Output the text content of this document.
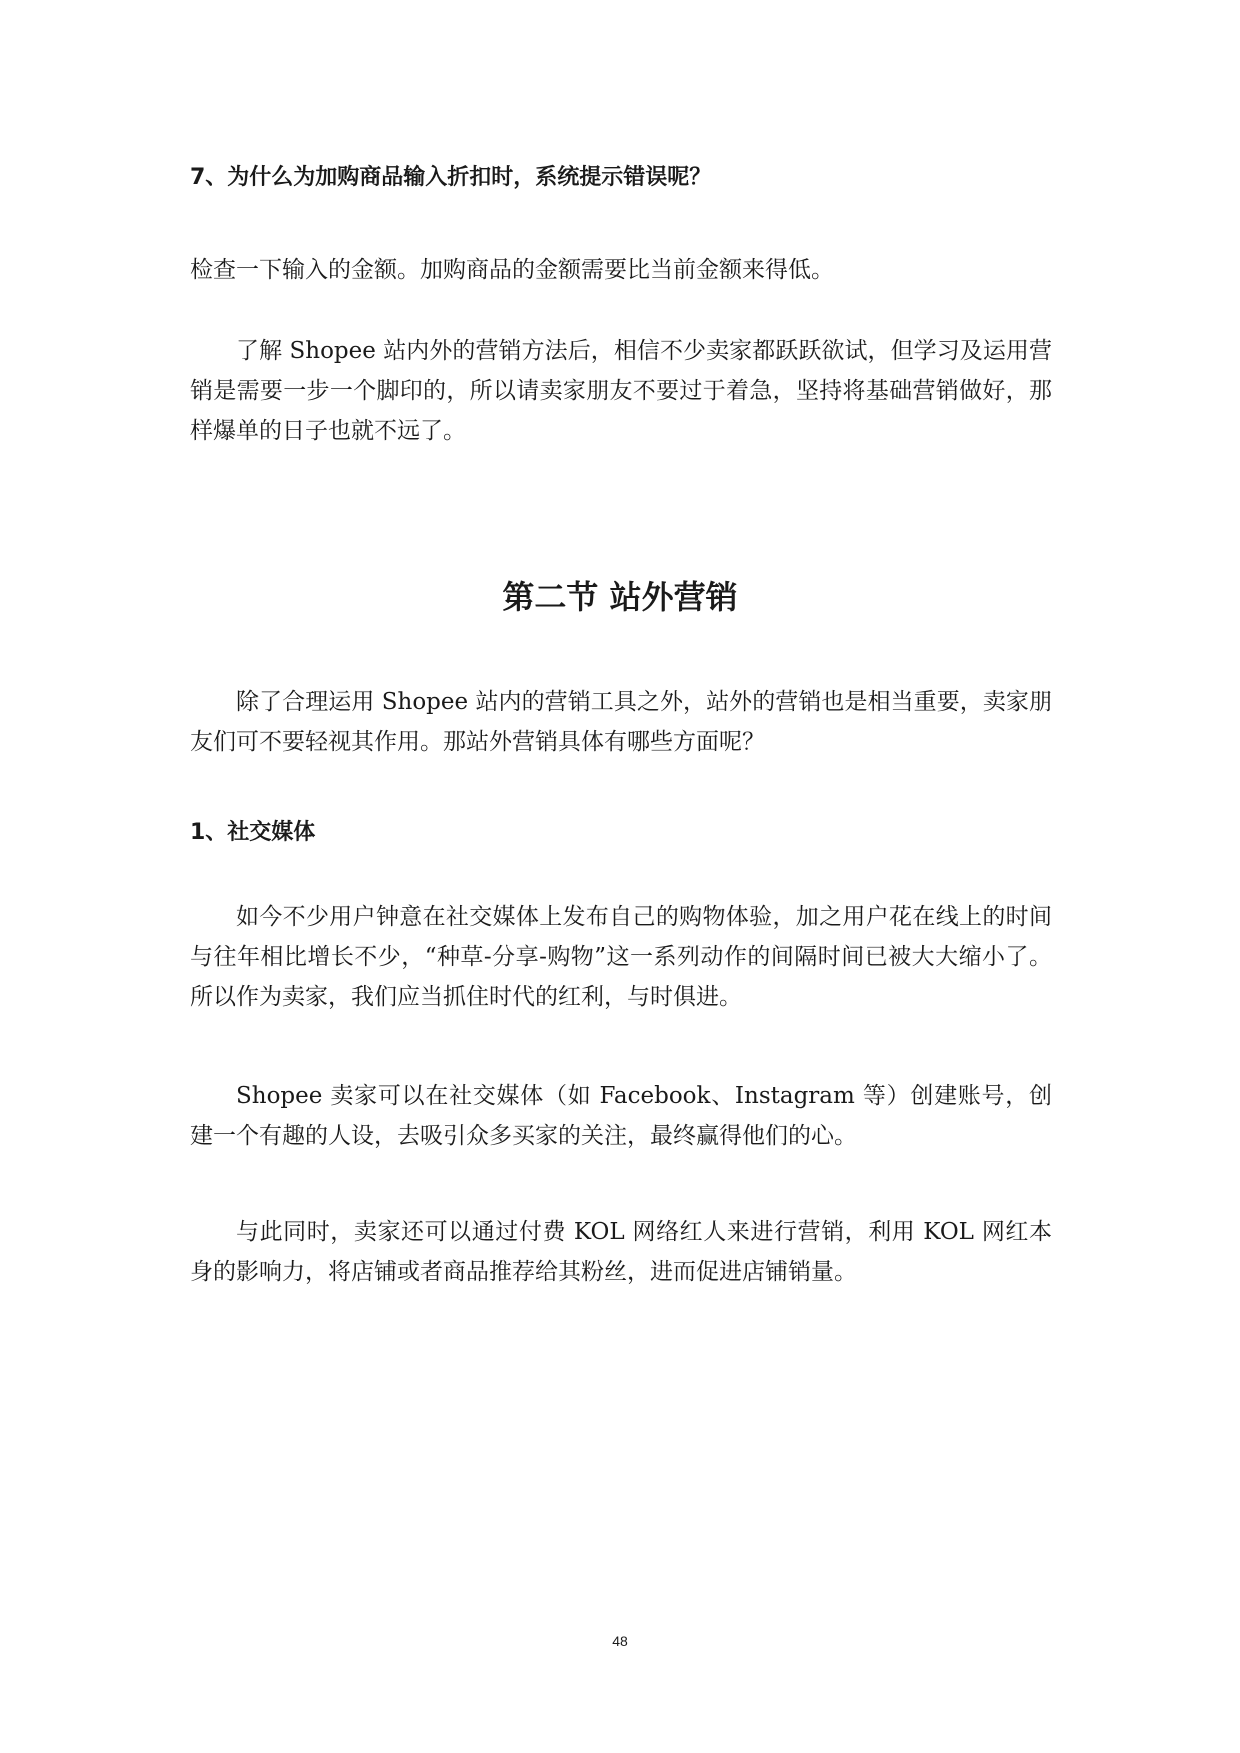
7、为什么为加购商品输入折扣时，系统提示错误呢？

检查一下输入的金额。加购商品的金额需要比当前金额来得低。

了解 Shopee 站内外的营销方法后，相信不少卖家都跃跃欲试，但学习及运用营销是需要一步一个脚印的，所以请卖家朋友不要过于着急，坚持将基础营销做好，那样爆单的日子也就不远了。

第二节 站外营销

除了合理运用 Shopee 站内的营销工具之外，站外的营销也是相当重要，卖家朋友们可不要轻视其作用。那站外营销具体有哪些方面呢？

1、社交媒体

如今不少用户钟意在社交媒体上发布自己的购物体验，加之用户花在线上的时间与往年相比增长不少，“种草-分享-购物”这一系列动作的间隔时间已被大大缩小了。所以作为卖家，我们应当抓住时代的红利，与时俱进。

Shopee 卖家可以在社交媒体（如 Facebook、Instagram 等）创建账号，创建一个有趣的人设，去吸引众多买家的关注，最终赢得他们的心。

与此同时，卖家还可以通过付费 KOL 网络红人来进行营销，利用 KOL 网红本身的影响力，将店铺或者商品推荐给其粉丝，进而促进店铺销量。

48
